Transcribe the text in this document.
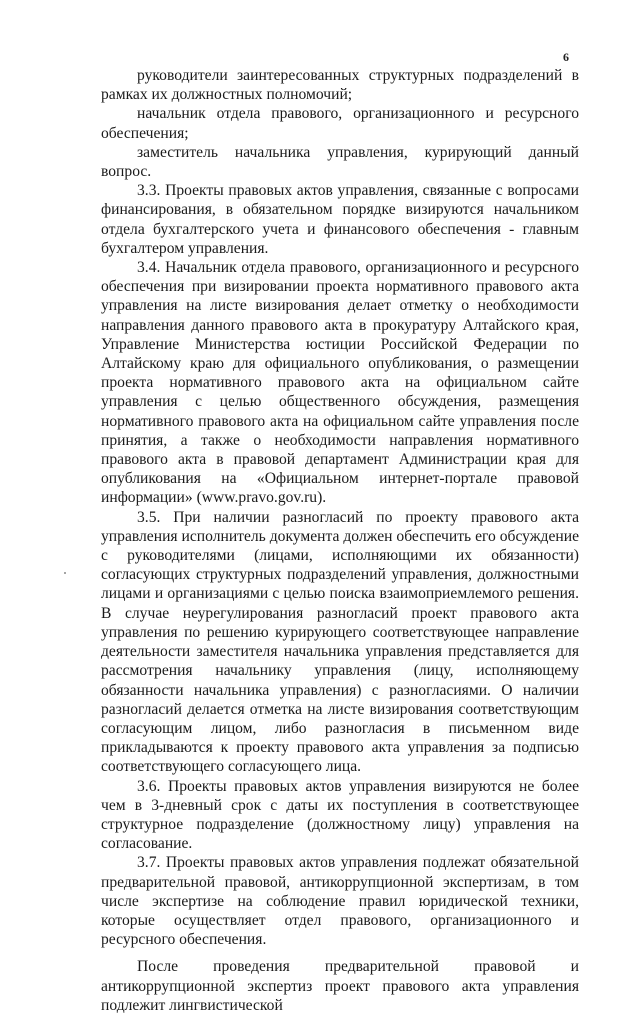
6

руководители заинтересованных структурных подразделений в рамках их должностных полномочий;

начальник отдела правового, организационного и ресурсного обеспечения;

заместитель начальника управления, курирующий данный вопрос.

3.3. Проекты правовых актов управления, связанные с вопросами финансирования, в обязательном порядке визируются начальником отдела бухгалтерского учета и финансового обеспечения - главным бухгалтером управления.

3.4. Начальник отдела правового, организационного и ресурсного обеспечения при визировании проекта нормативного правового акта управления на листе визирования делает отметку о необходимости направления данного правового акта в прокуратуру Алтайского края, Управление Министерства юстиции Российской Федерации по Алтайскому краю для официального опубликования, о размещении проекта нормативного правового акта на официальном сайте управления с целью общественного обсуждения, размещения нормативного правового акта на официальном сайте управления после принятия, а также о необходимости направления нормативного правового акта в правовой департамент Администрации края для опубликования на «Официальном интернет-портале правовой информации» (www.pravo.gov.ru).

3.5. При наличии разногласий по проекту правового акта управления исполнитель документа должен обеспечить его обсуждение с руководителями (лицами, исполняющими их обязанности) согласующих структурных подразделений управления, должностными лицами и организациями с целью поиска взаимоприемлемого решения. В случае неурегулирования разногласий проект правового акта управления по решению курирующего соответствующее направление деятельности заместителя начальника управления представляется для рассмотрения начальнику управления (лицу, исполняющему обязанности начальника управления) с разногласиями. О наличии разногласий делается отметка на листе визирования соответствующим согласующим лицом, либо разногласия в письменном виде прикладываются к проекту правового акта управления за подписью соответствующего согласующего лица.

3.6. Проекты правовых актов управления визируются не более чем в 3-дневный срок с даты их поступления в соответствующее структурное подразделение (должностному лицу) управления на согласование.

3.7. Проекты правовых актов управления подлежат обязательной предварительной правовой, антикоррупционной экспертизам, в том числе экспертизе на соблюдение правил юридической техники, которые осуществляет отдел правового, организационного и ресурсного обеспечения.

После проведения предварительной правовой и антикоррупционной экспертиз проект правового акта управления подлежит лингвистической
